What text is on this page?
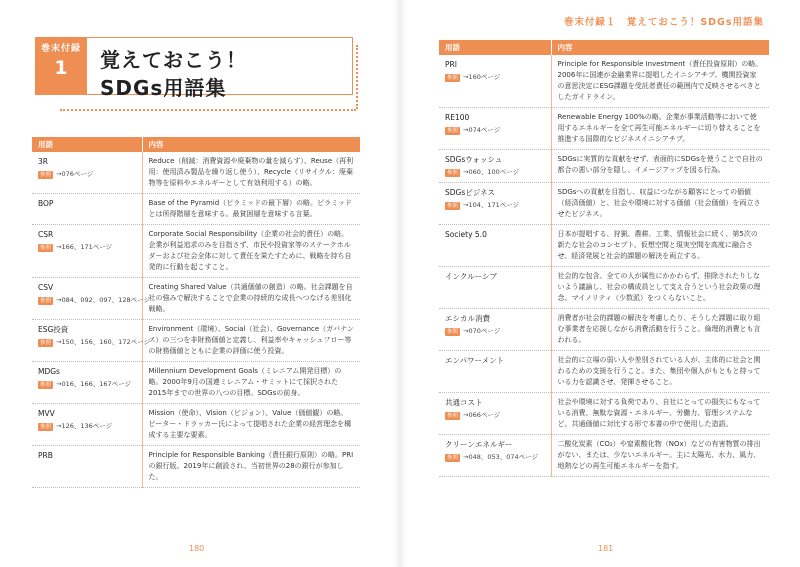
巻末付録
1	覚えておこう！
SDGs用語集
用語	内容

3R
参照 →076ページ	Reduce（削減：消費資源や廃棄物の量を減らす）、Reuse（再利用：使用済み製品を繰り返し使う）、Recycle（リサイクル：廃棄物等を原料やエネルギーとして有効利用する）の略。

BOP	Base of the Pyramid（ピラミッドの最下層）の略。ピラミッドとは所得階層を意味する。最貧困層を意味する言葉。

CSR
参照 →166、171ページ	Corporate Social Responsibility（企業の社会的責任）の略。企業が利益追求のみを目指さず、市民や投資家等のステークホルダーおよび社会全体に対して責任を果たすために、戦略を持ち自発的に行動を起こすこと。

CSV
参照 →084、092、097、128ページ	Creating Shared Value（共通価値の創造）の略。社会課題を自社の強みで解決することで企業の持続的な成長へつなげる差別化戦略。

ESG投資
参照 →150、156、160、172ページ	Environment（環境）、Social（社会）、Governance（ガバナンス）の三つを非財務価値と定義し、利益率やキャッシュフロー等の財務価値とともに企業の評価に使う投資。

MDGs
参照 →016、166、167ページ	Millennium Development Goals（ミレニアム開発目標）の略。2000年9月の国連ミレニアム・サミットにて採択された2015年までの世界の八つの目標。SDGsの前身。

MVV
参照 →126、136ページ	Mission（使命）、Vision（ビジョン）、Value（価値観）の略。ピーター・ドラッカー氏によって提唱された企業の経営理念を構成する主要な要素。

PRB	Principle for Responsible Banking（責任銀行原則）の略。PRIの銀行版。2019年に創設され、当初世界の28の銀行が参加した。
180
巻末付録１　覚えておこう！SDGs用語集
用語	内容

PRI
参照 →160ページ	Principle for Responsible Investment（責任投資原則）の略。2006年に国連が金融業界に提唱したイニシアチブ。機関投資家の意思決定にESG課題を受託者責任の範囲内で反映させるべきとしたガイドライン。

RE100
参照 →074ページ	Renewable Energy 100%の略。企業が事業活動等において使用するエネルギーを全て再生可能エネルギーに切り替えることを推進する国際的なビジネスイニシアチブ。

SDGsウォッシュ
参照 →060、100ページ	SDGsに実質的な貢献をせず、表面的にSDGsを使うことで自社の都合の悪い部分を隠し、イメージアップを図る行為。

SDGsビジネス
参照 →104、171ページ	SDGsへの貢献を目指し、収益につながる顧客にとっての価値（経済価値）と、社会や環境に対する価値（社会価値）を両立させたビジネス。

Society 5.0	日本が提唱する、狩猟、農耕、工業、情報社会に続く、第5次の新たな社会のコンセプト。仮想空間と現実空間を高度に融合させ、経済発展と社会的課題の解決を両立する。

インクルーシブ	社会的な包含。全ての人が属性にかかわらず、排除されたりしないよう議論し、社会の構成員として支え合うという社会政策の理念。マイノリティ（少数派）をつくらないこと。

エシカル消費
参照 →070ページ	消費者が社会的課題の解決を考慮したり、そうした課題に取り組む事業者を応援しながら消費活動を行うこと。倫理的消費とも言われる。

エンパワーメント	社会的に立場の弱い人や差別されている人が、主体的に社会と関わるための支援を行うこと。また、集団や個人がもともと持っている力を認識させ、発揮させること。

共通コスト
参照 →066ページ	社会や環境に対する負荷であり、自社にとっての損失にもなっている消費、無駄な資源・エネルギー、労働力、管理システムなど。共通価値に対比する形で本書の中で使用した造語。

クリーンエネルギー
参照 →048、053、074ページ	二酸化炭素（CO₂）や窒素酸化物（NOx）などの有害物質の排出がない、または、少ないエネルギー。主に太陽光、水力、風力、地熱などの再生可能エネルギーを指す。
181
